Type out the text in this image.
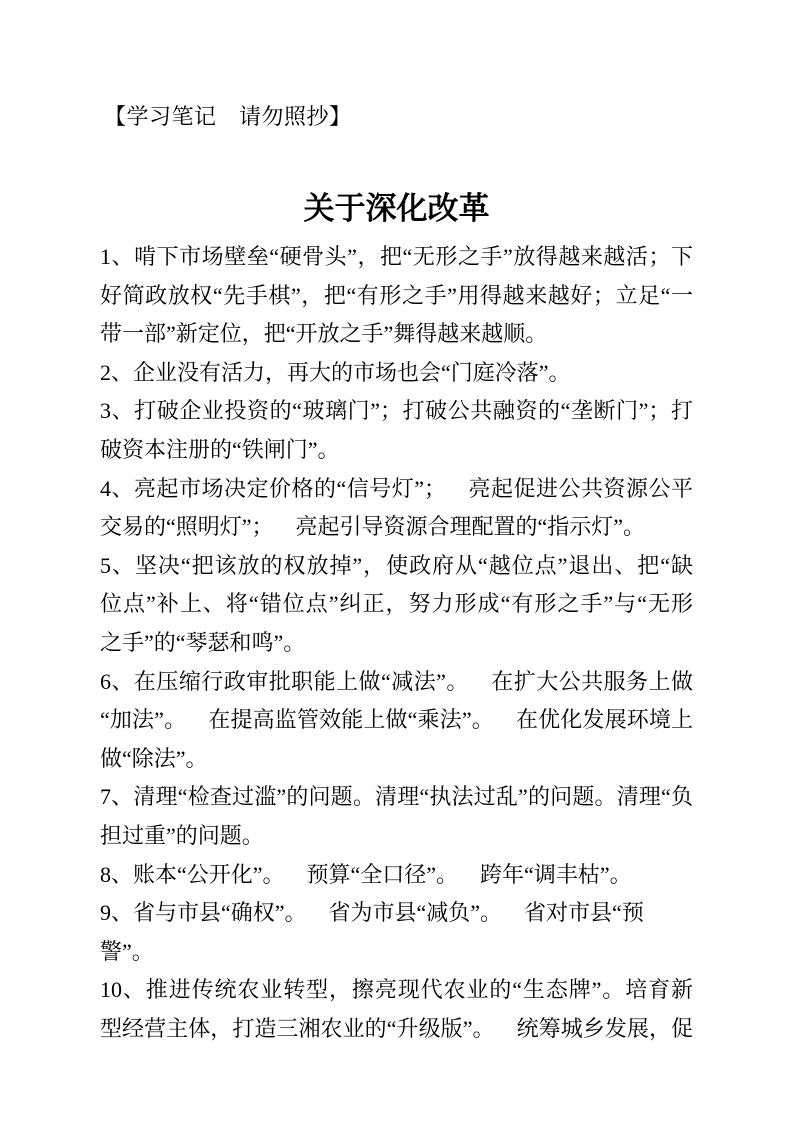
【学习笔记 请勿照抄】
关于深化改革

1、啃下市场壁垒“硬骨头”，把“无形之手”放得越来越活；下
好简政放权“先手棋”，把“有形之手”用得越来越好；立足“一
带一部”新定位，把“开放之手”舞得越来越顺。

2、企业没有活力，再大的市场也会“门庭冷落”。

3、打破企业投资的“玻璃门”；打破公共融资的“垄断门”；打
破资本注册的“铁闸门”。

4、亮起市场决定价格的“信号灯”； 亮起促进公共资源公平
交易的“照明灯”； 亮起引导资源合理配置的“指示灯”。

5、坚决“把该放的权放掉”，使政府从“越位点”退出、把“缺
位点”补上、将“错位点”纠正，努力形成“有形之手”与“无形
之手”的“琴瑟和鸣”。

6、在压缩行政审批职能上做“减法”。 在扩大公共服务上做
“加法”。 在提高监管效能上做“乘法”。 在优化发展环境上
做“除法”。

7、清理“检查过滥”的问题。清理“执法过乱”的问题。清理“负
担过重”的问题。

8、账本“公开化”。 预算“全口径”。 跨年“调丰枯”。

9、省与市县“确权”。 省为市县“减负”。 省对市县“预警”。

10、推进传统农业转型，擦亮现代农业的“生态牌”。培育新
型经营主体，打造三湘农业的“升级版”。 统筹城乡发展，促
